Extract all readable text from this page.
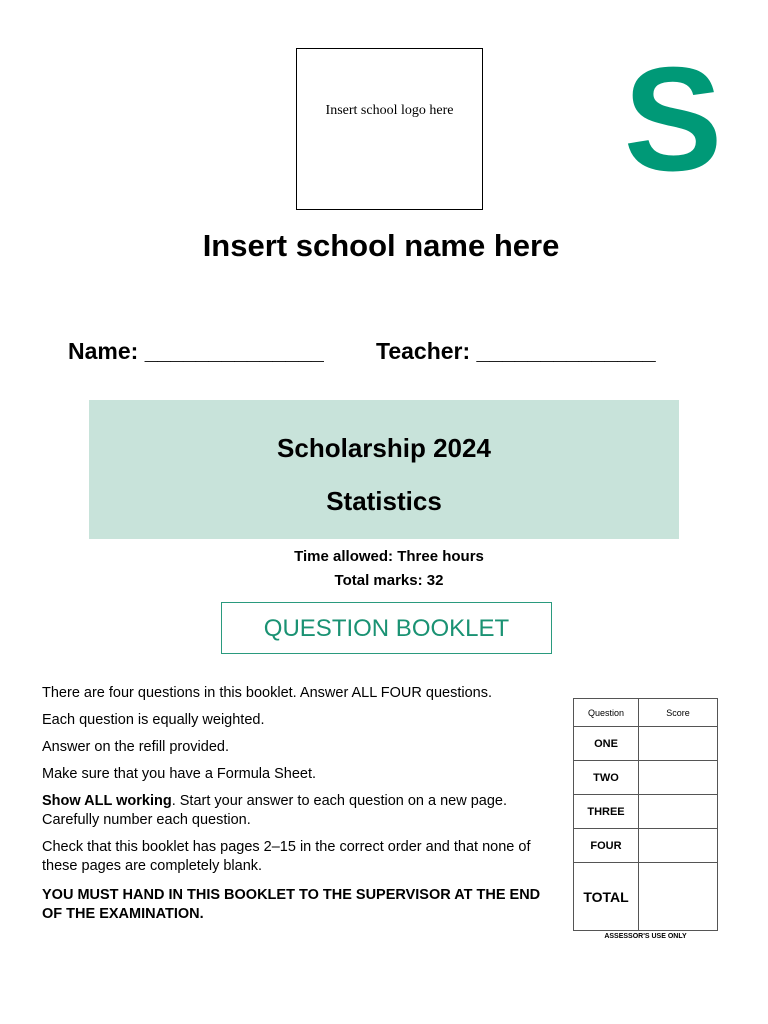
Insert school logo here S
Insert school name here
Name: ______________ Teacher: ______________
Scholarship 2024
Statistics
Time allowed: Three hours
Total marks: 32
QUESTION BOOKLET

There are four questions in this booklet. Answer ALL FOUR questions.

Each question is equally weighted.

Answer on the refill provided.

Make sure that you have a Formula Sheet.

Show ALL working. Start your answer to each question on a new page. Carefully number each question.

Check that this booklet has pages 2–15 in the correct order and that none of these pages are completely blank.

YOU MUST HAND IN THIS BOOKLET TO THE SUPERVISOR AT THE END OF THE EXAMINATION.

Question	Score
ONE	
TWO	
THREE	
FOUR	
TOTAL	
ASSESSOR'S USE ONLY
